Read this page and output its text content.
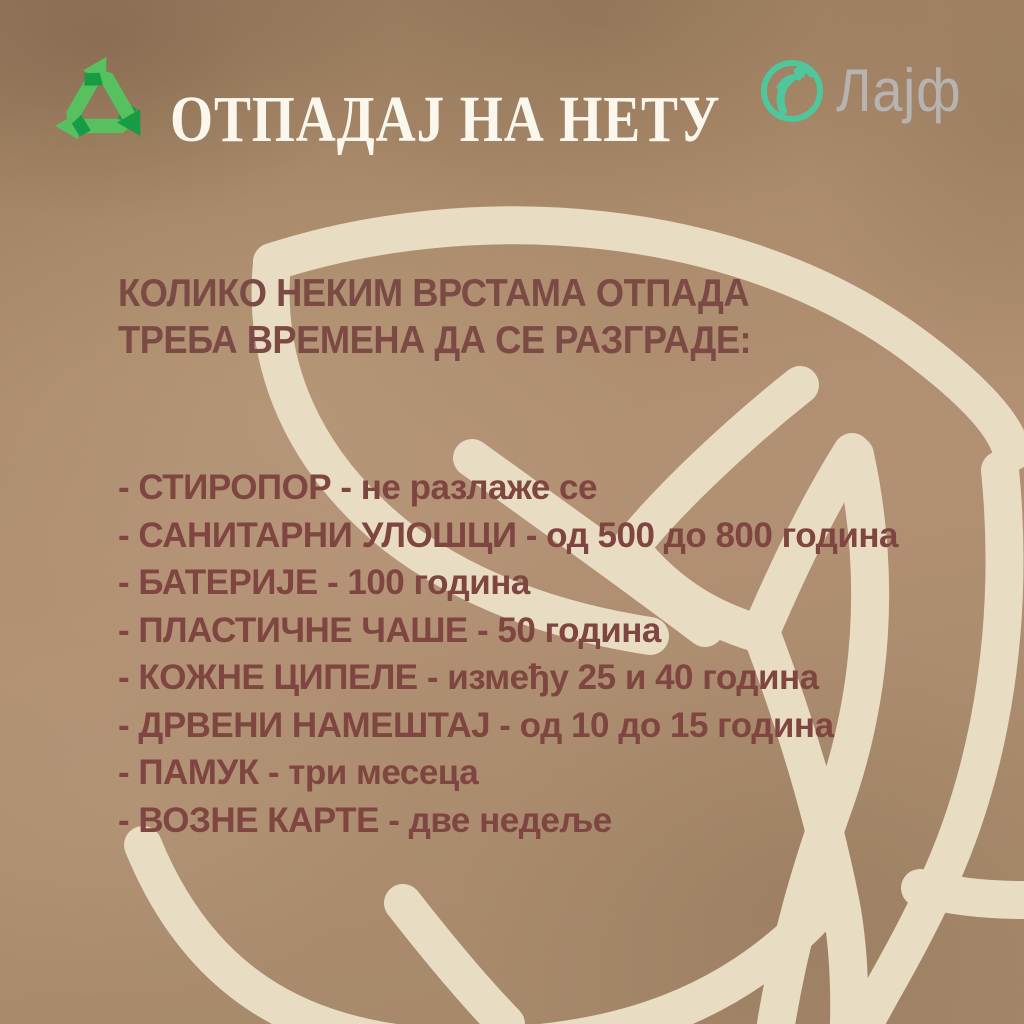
ОТПАДАЈ НА НЕТУ Лајф
КОЛИКО НЕКИМ ВРСТАМА ОТПАДА
ТРЕБА ВРЕМЕНА ДА СЕ РАЗГРАДЕ:
- СТИРОПОР - не разлаже се
- САНИТАРНИ УЛОШЦИ - од 500 до 800 година
- БАТЕРИЈЕ - 100 година
- ПЛАСТИЧНЕ ЧАШЕ - 50 година
- КОЖНЕ ЦИПЕЛЕ - између 25 и 40 година
- ДРВЕНИ НАМЕШТАЈ - од 10 до 15 година
- ПАМУК - три месеца
- ВОЗНЕ КАРТЕ - две недеље
